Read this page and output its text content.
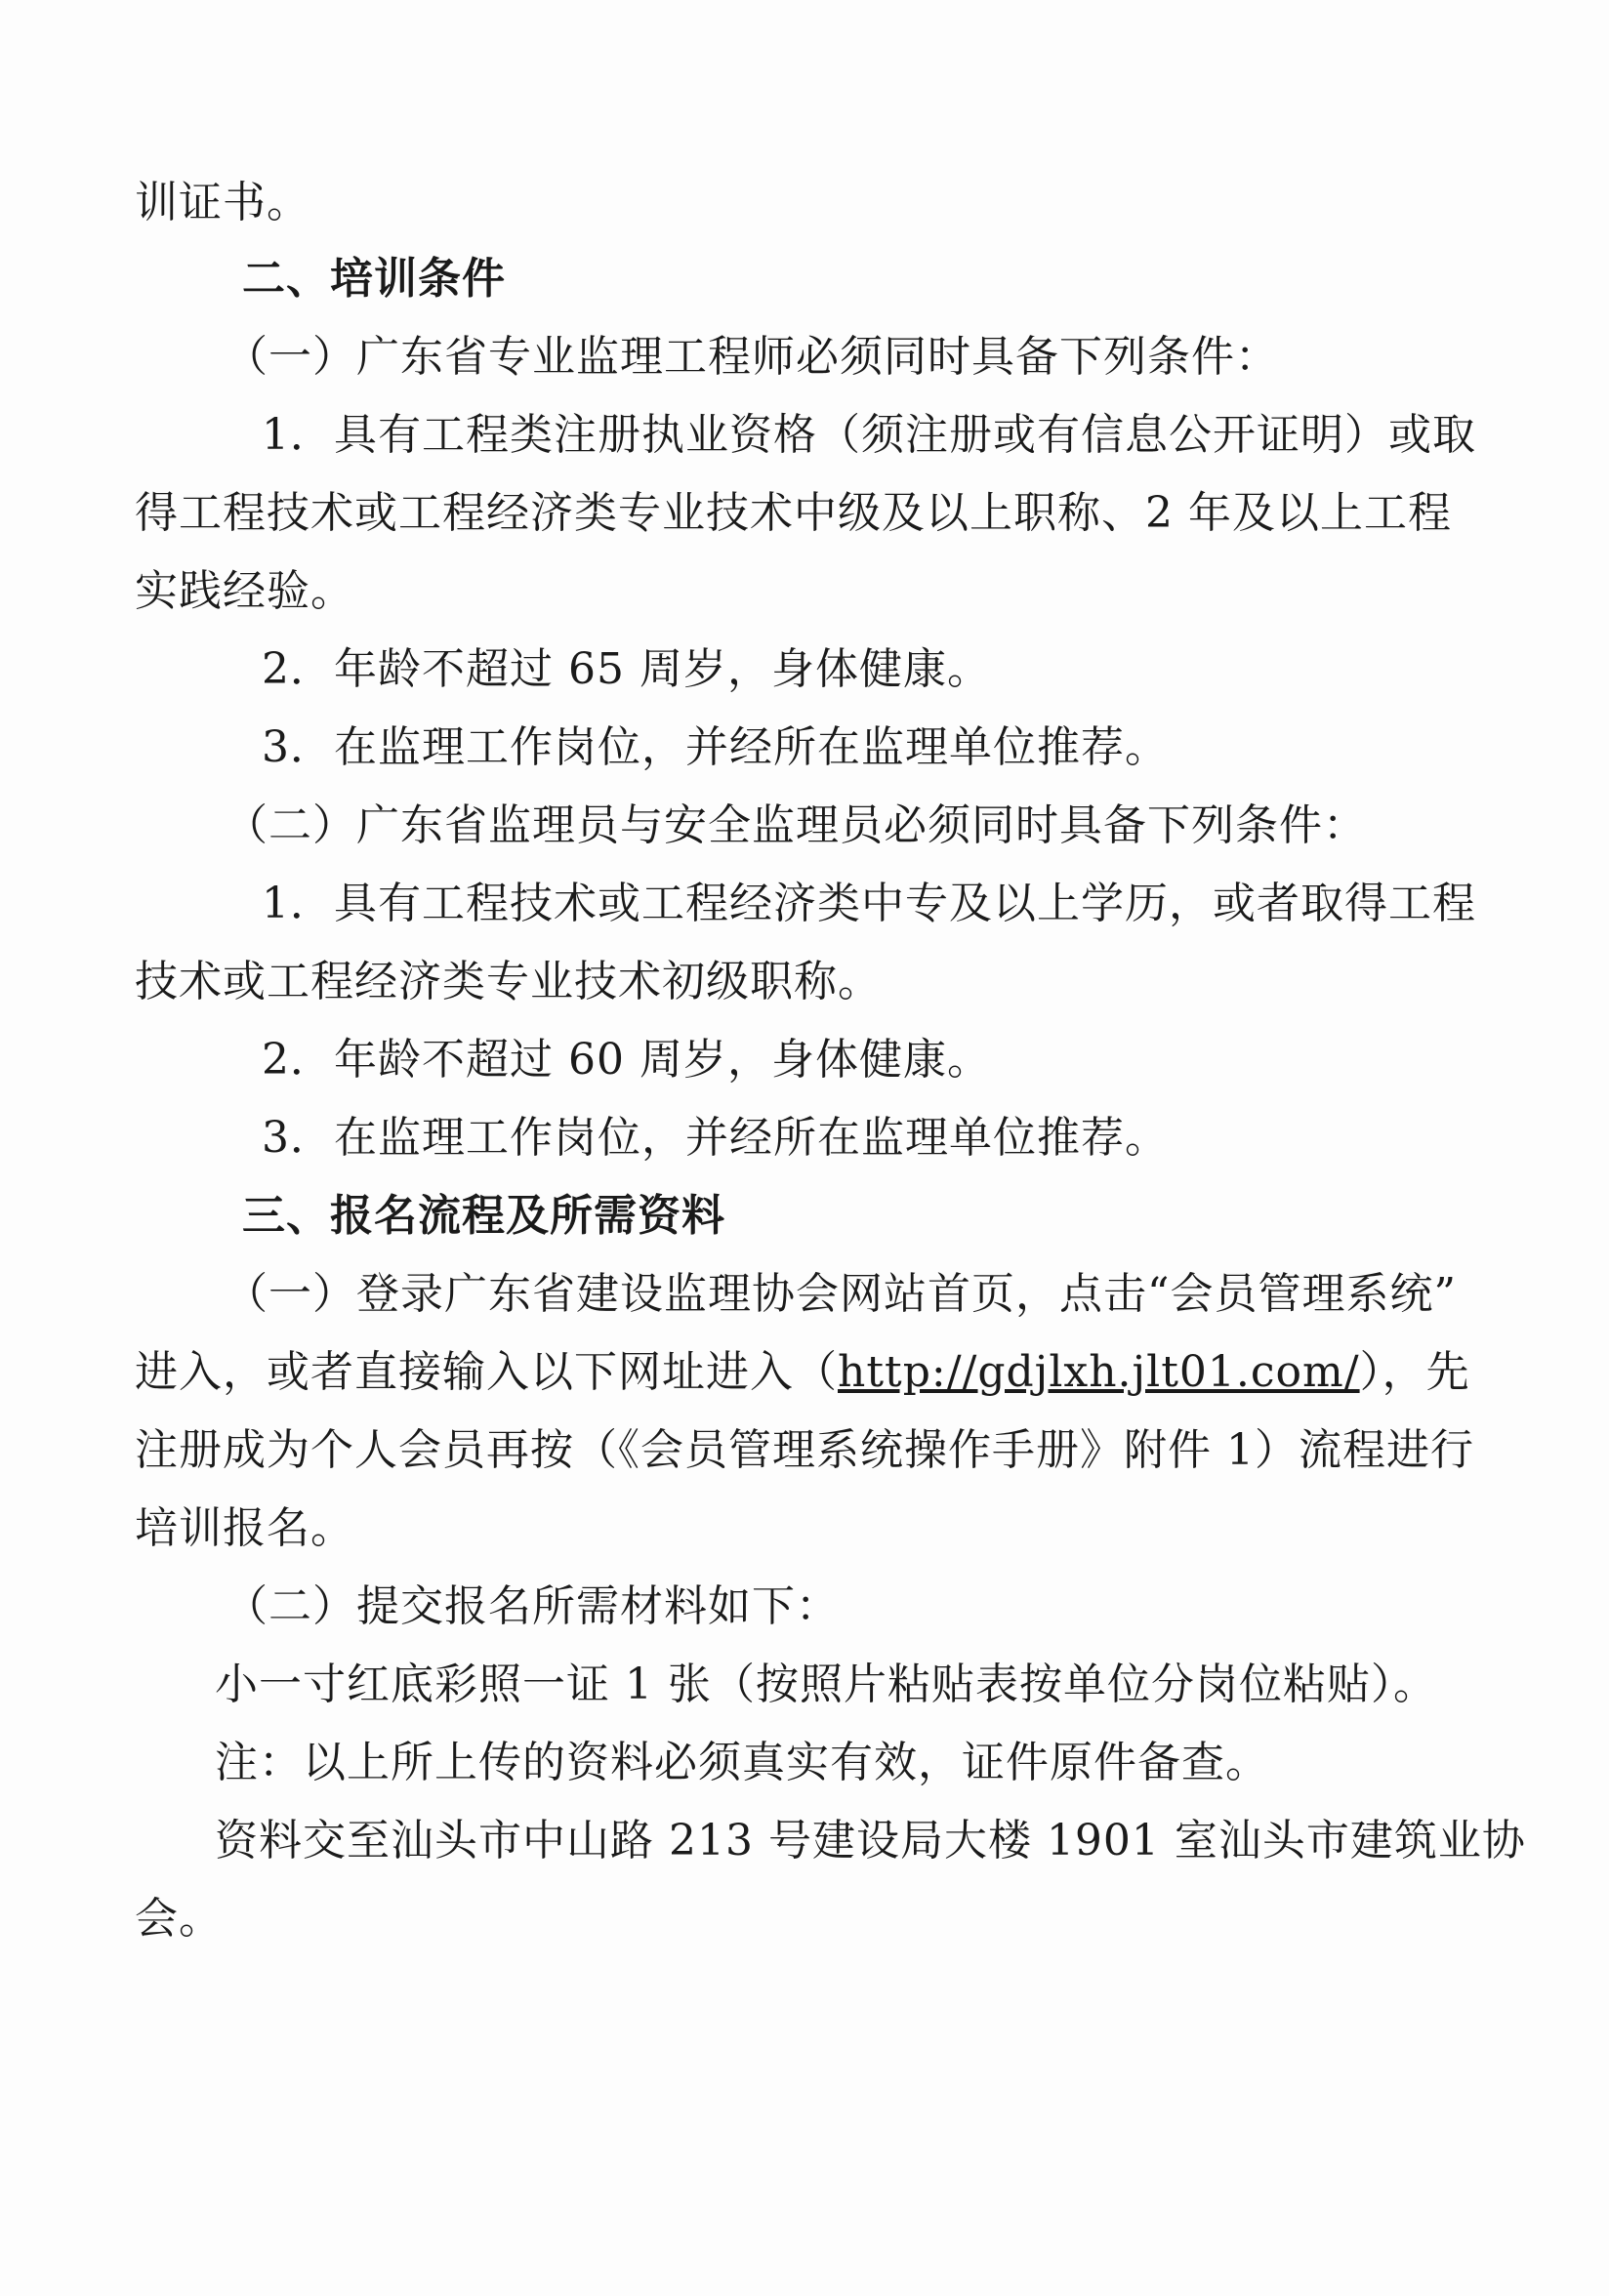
训证书。
二、培训条件
（一）广东省专业监理工程师必须同时具备下列条件：
1．具有工程类注册执业资格（须注册或有信息公开证明）或取
得工程技术或工程经济类专业技术中级及以上职称、2 年及以上工程
实践经验。
2．年龄不超过 65 周岁，身体健康。
3．在监理工作岗位，并经所在监理单位推荐。
（二）广东省监理员与安全监理员必须同时具备下列条件：
1．具有工程技术或工程经济类中专及以上学历，或者取得工程
技术或工程经济类专业技术初级职称。
2．年龄不超过 60 周岁，身体健康。
3．在监理工作岗位，并经所在监理单位推荐。
三、报名流程及所需资料
（一）登录广东省建设监理协会网站首页，点击“会员管理系统”
进入，或者直接输入以下网址进入（http://gdjlxh.jlt01.com/），先
注册成为个人会员再按（《会员管理系统操作手册》附件 1）流程进行
培训报名。
（二）提交报名所需材料如下：
小一寸红底彩照一证 1 张（按照片粘贴表按单位分岗位粘贴）。
注：以上所上传的资料必须真实有效，证件原件备查。
资料交至汕头市中山路 213 号建设局大楼 1901 室汕头市建筑业协
会。
